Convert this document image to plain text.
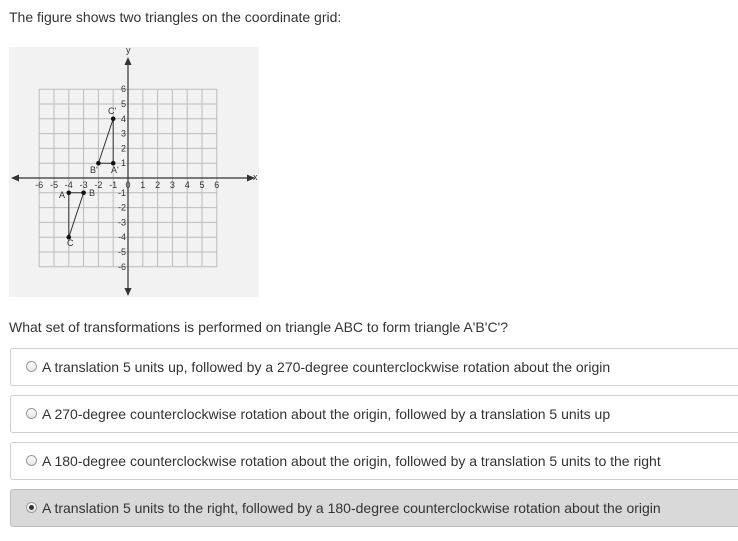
The figure shows two triangles on the coordinate grid:
x
y
-6 -5 -4 -3 -2 -1 0 1 2 3 4 5 6
6
5
4
3
2
1
-1
-2
-3
-4
-5
-6
A	B
C
A'
B'
C'
What set of transformations is performed on triangle ABC to form triangle A'B'C'?
A translation 5 units up, followed by a 270-degree counterclockwise rotation about the origin
A 270-degree counterclockwise rotation about the origin, followed by a translation 5 units up
A 180-degree counterclockwise rotation about the origin, followed by a translation 5 units to the right
A translation 5 units to the right, followed by a 180-degree counterclockwise rotation about the origin
